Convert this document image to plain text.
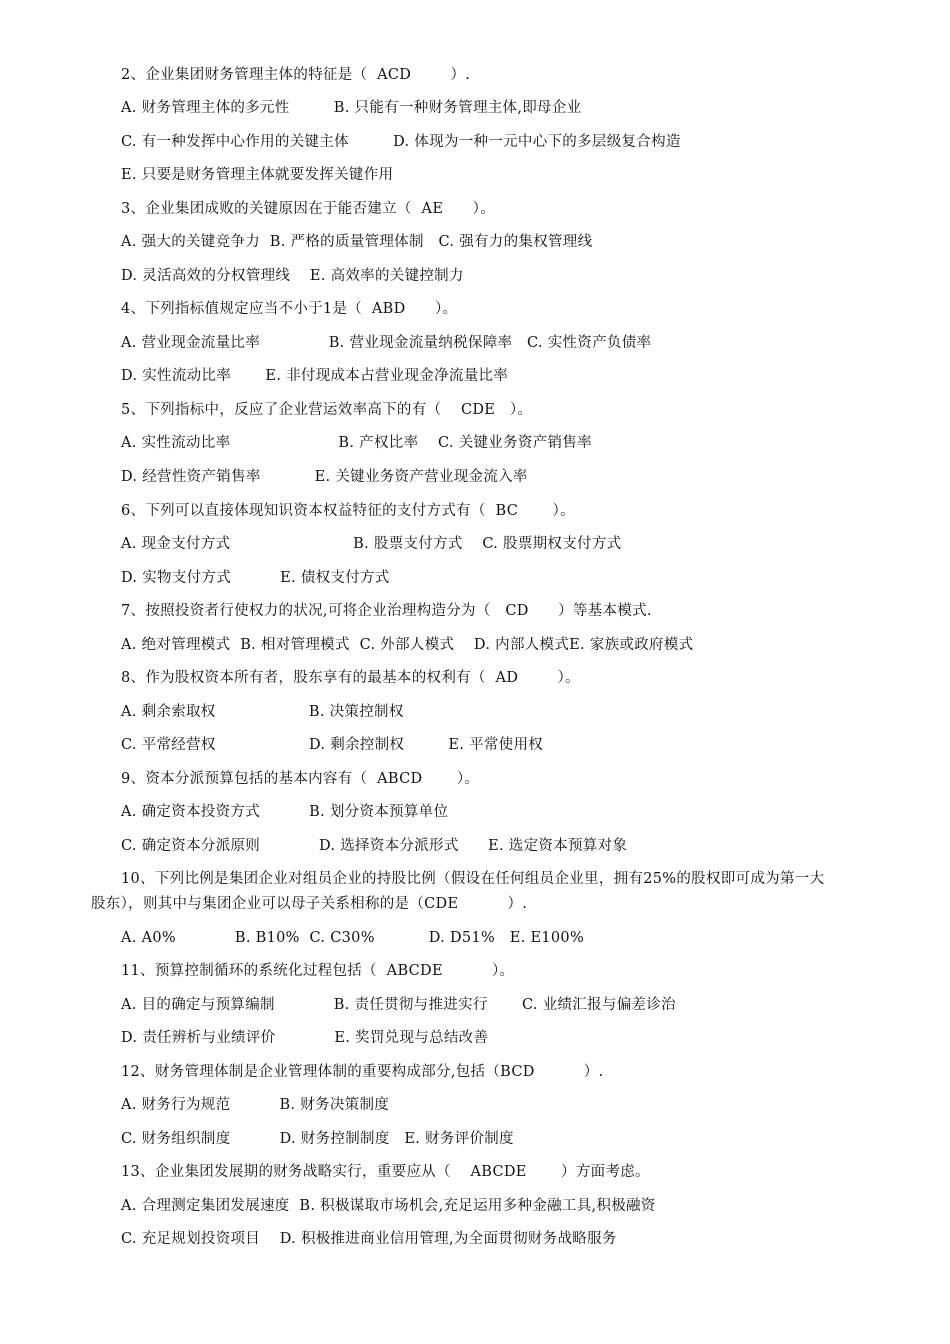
2、企业集团财务管理主体的特征是（  ACD        ）.
A. 财务管理主体的多元性         B. 只能有一种财务管理主体,即母企业
C. 有一种发挥中心作用的关键主体         D. 体现为一种一元中心下的多层级复合构造
E. 只要是财务管理主体就要发挥关键作用
3、企业集团成败的关键原因在于能否建立（  AE      ）。
A. 强大的关键竞争力  B. 严格的质量管理体制   C. 强有力的集权管理线
D. 灵活高效的分权管理线    E. 高效率的关键控制力
4、下列指标值规定应当不小于1是（  ABD      ）。
A. 营业现金流量比率              B. 营业现金流量纳税保障率   C. 实性资产负债率
D. 实性流动比率       E. 非付现成本占营业现金净流量比率
5、下列指标中，反应了企业营运效率高下的有（    CDE   ）。
A. 实性流动比率                      B. 产权比率    C. 关键业务资产销售率
D. 经营性资产销售率           E. 关键业务资产营业现金流入率
6、下列可以直接体现知识资本权益特征的支付方式有（  BC       ）。
A. 现金支付方式                         B. 股票支付方式    C. 股票期权支付方式
D. 实物支付方式          E. 债权支付方式
7、按照投资者行使权力的状况,可将企业治理构造分为（   CD      ）等基本模式.
A. 绝对管理模式  B. 相对管理模式  C. 外部人模式    D. 内部人模式E. 家族或政府模式
8、作为股权资本所有者，股东享有的最基本的权利有（  AD        ）。
A. 剩余索取权                   B. 决策控制权
C. 平常经营权                   D. 剩余控制权         E. 平常使用权
9、资本分派预算包括的基本内容有（  ABCD       ）。
A. 确定资本投资方式          B. 划分资本预算单位
C. 确定资本分派原则            D. 选择资本分派形式      E. 选定资本预算对象
10、下列比例是集团企业对组员企业的持股比例（假设在任何组员企业里，拥有25%的股权即可成为第一大
股东），则其中与集团企业可以母子关系相称的是（CDE          ）.
A. A0%            B. B10%  C. C30%           D. D51%   E. E100%
11、预算控制循环的系统化过程包括（  ABCDE          ）。
A. 目的确定与预算编制            B. 责任贯彻与推进实行       C. 业绩汇报与偏差诊治
D. 责任辨析与业绩评价            E. 奖罚兑现与总结改善
12、财务管理体制是企业管理体制的重要构成部分,包括（BCD          ）.
A. 财务行为规范          B. 财务决策制度
C. 财务组织制度          D. 财务控制制度   E. 财务评价制度
13、企业集团发展期的财务战略实行，重要应从（    ABCDE       ）方面考虑。
A. 合理测定集团发展速度  B. 积极谋取市场机会,充足运用多种金融工具,积极融资
C. 充足规划投资项目    D. 积极推进商业信用管理,为全面贯彻财务战略服务
